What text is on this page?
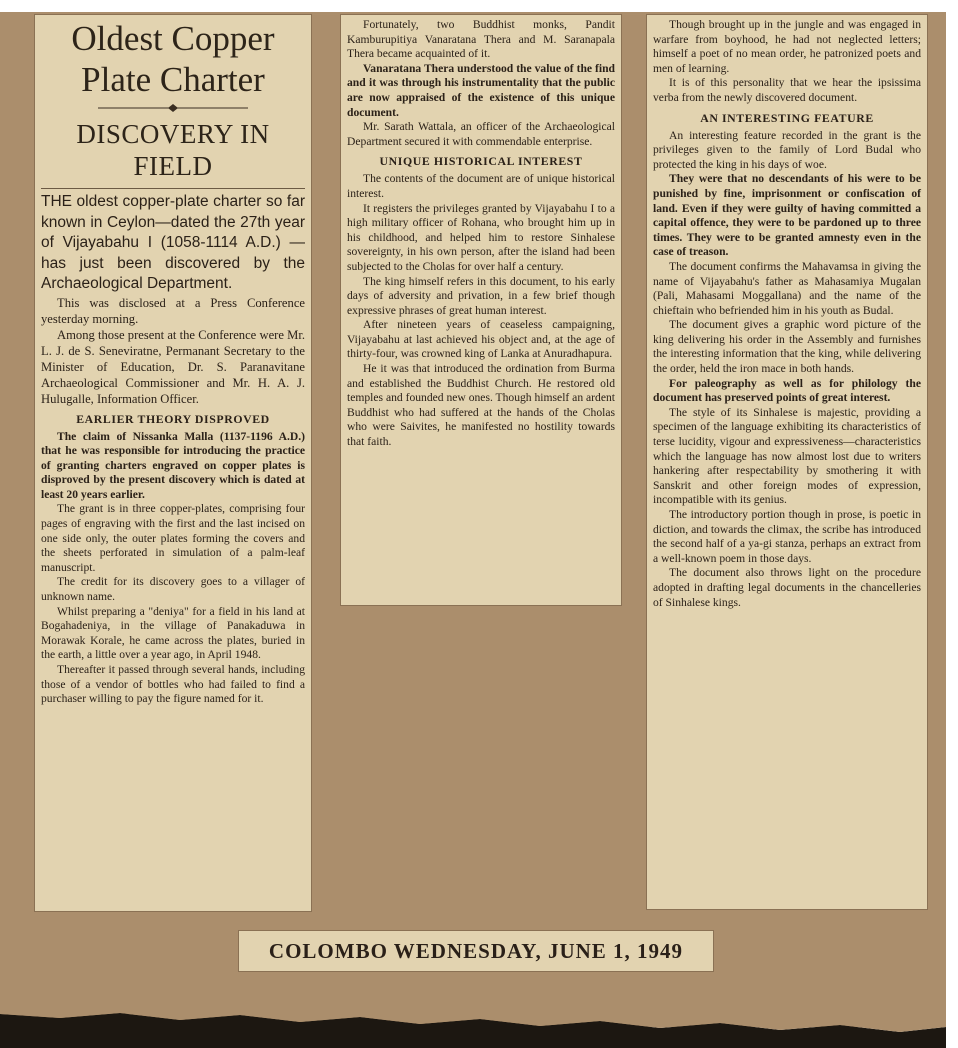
Oldest Copper Plate Charter
DISCOVERY IN FIELD
THE oldest copper-plate charter so far known in Ceylon—dated the 27th year of Vijayabahu I (1058-1114 A.D.) —has just been discovered by the Archaeological Department.

This was disclosed at a Press Conference yesterday morning.

Among those present at the Conference were Mr. L. J. de S. Seneviratne, Permanant Secretary to the Minister of Education, Dr. S. Paranavitane Archaeological Commissioner and Mr. H. A. J. Hulugalle, Information Officer.

EARLIER THEORY DISPROVED

The claim of Nissanka Malla (1137-1196 A.D.) that he was responsible for introducing the practice of granting charters engraved on copper plates is disproved by the present discovery which is dated at least 20 years earlier.

The grant is in three copper-plates, comprising four pages of engraving with the first and the last incised on one side only, the outer plates forming the covers and the sheets perforated in simulation of a palm-leaf manuscript.

The credit for its discovery goes to a villager of unknown name.

Whilst preparing a "deniya" for a field in his land at Bogahadeniya, in the village of Panakaduwa in Morawak Korale, he came across the plates, buried in the earth, a little over a year ago, in April 1948.

Thereafter it passed through several hands, including those of a vendor of bottles who had failed to find a purchaser willing to pay the figure named for it.

Fortunately, two Buddhist monks, Pandit Kamburupitiya Vanaratana Thera and M. Saranapala Thera became acquainted of it.

Vanaratana Thera understood the value of the find and it was through his instrumentality that the public are now appraised of the existence of this unique document.

Mr. Sarath Wattala, an officer of the Archaeological Department secured it with commendable enterprise.

UNIQUE HISTORICAL INTEREST

The contents of the document are of unique historical interest.

It registers the privileges granted by Vijayabahu I to a high military officer of Rohana, who brought him up in his childhood, and helped him to restore Sinhalese sovereignty, in his own person, after the island had been subjected to the Cholas for over half a century.

The king himself refers in this document, to his early days of adversity and privation, in a few brief though expressive phrases of great human interest.

After nineteen years of ceaseless campaigning, Vijayabahu at last achieved his object and, at the age of thirty-four, was crowned king of Lanka at Anuradhapura.

He it was that introduced the ordination from Burma and established the Buddhist Church. He restored old temples and founded new ones. Though himself an ardent Buddhist who had suffered at the hands of the Cholas who were Saivites, he manifested no hostility towards that faith.

Though brought up in the jungle and was engaged in warfare from boyhood, he had not neglected letters; himself a poet of no mean order, he patronized poets and men of learning.

It is of this personality that we hear the ipsissima verba from the newly discovered document.

AN INTERESTING FEATURE

An interesting feature recorded in the grant is the privileges given to the family of Lord Budal who protected the king in his days of woe.

They were that no descendants of his were to be punished by fine, imprisonment or confiscation of land. Even if they were guilty of having committed a capital offence, they were to be pardoned up to three times. They were to be granted amnesty even in the case of treason.

The document confirms the Mahavamsa in giving the name of Vijayabahu's father as Mahasamiya Mugalan (Pali, Mahasami Moggallana) and the name of the chieftain who befriended him in his youth as Budal.

The document gives a graphic word picture of the king delivering his order in the Assembly and furnishes the interesting information that the king, while delivering the order, held the iron mace in both hands.

For paleography as well as for philology the document has preserved points of great interest.

The style of its Sinhalese is majestic, providing a specimen of the language exhibiting its characteristics of terse lucidity, vigour and expressiveness—characteristics which the language has now almost lost due to writers hankering after respectability by smothering it with Sanskrit and other foreign modes of expression, incompatible with its genius.

The introductory portion though in prose, is poetic in diction, and towards the climax, the scribe has introduced the second half of a ya-gi stanza, perhaps an extract from a well-known poem in those days.

The document also throws light on the procedure adopted in drafting legal documents in the chancelleries of Sinhalese kings.

COLOMBO WEDNESDAY, JUNE 1, 1949
